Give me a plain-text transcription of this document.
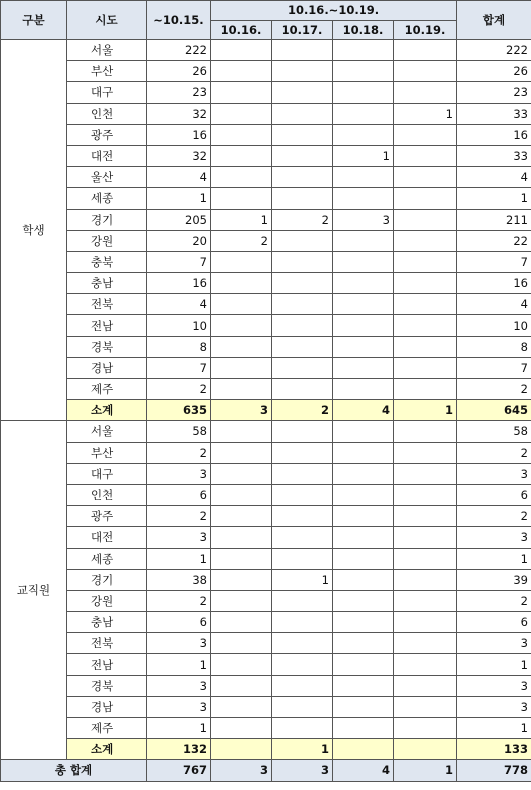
구분	시도	~10.15.	10.16.~10.19.				합계
			10.16.	10.17.	10.18.	10.19.	
학생	서울	222					222
	부산	26					26
	대구	23					23
	인천	32				1	33
	광주	16					16
	대전	32			1		33
	울산	4					4
	세종	1					1
	경기	205	1	2	3		211
	강원	20	2				22
	충북	7					7
	충남	16					16
	전북	4					4
	전남	10					10
	경북	8					8
	경남	7					7
	제주	2					2
	소계	635	3	2	4	1	645
교직원	서울	58					58
	부산	2					2
	대구	3					3
	인천	6					6
	광주	2					2
	대전	3					3
	세종	1					1
	경기	38		1			39
	강원	2					2
	충남	6					6
	전북	3					3
	전남	1					1
	경북	3					3
	경남	3					3
	제주	1					1
	소계	132		1			133
총 합계		767	3	3	4	1	778
